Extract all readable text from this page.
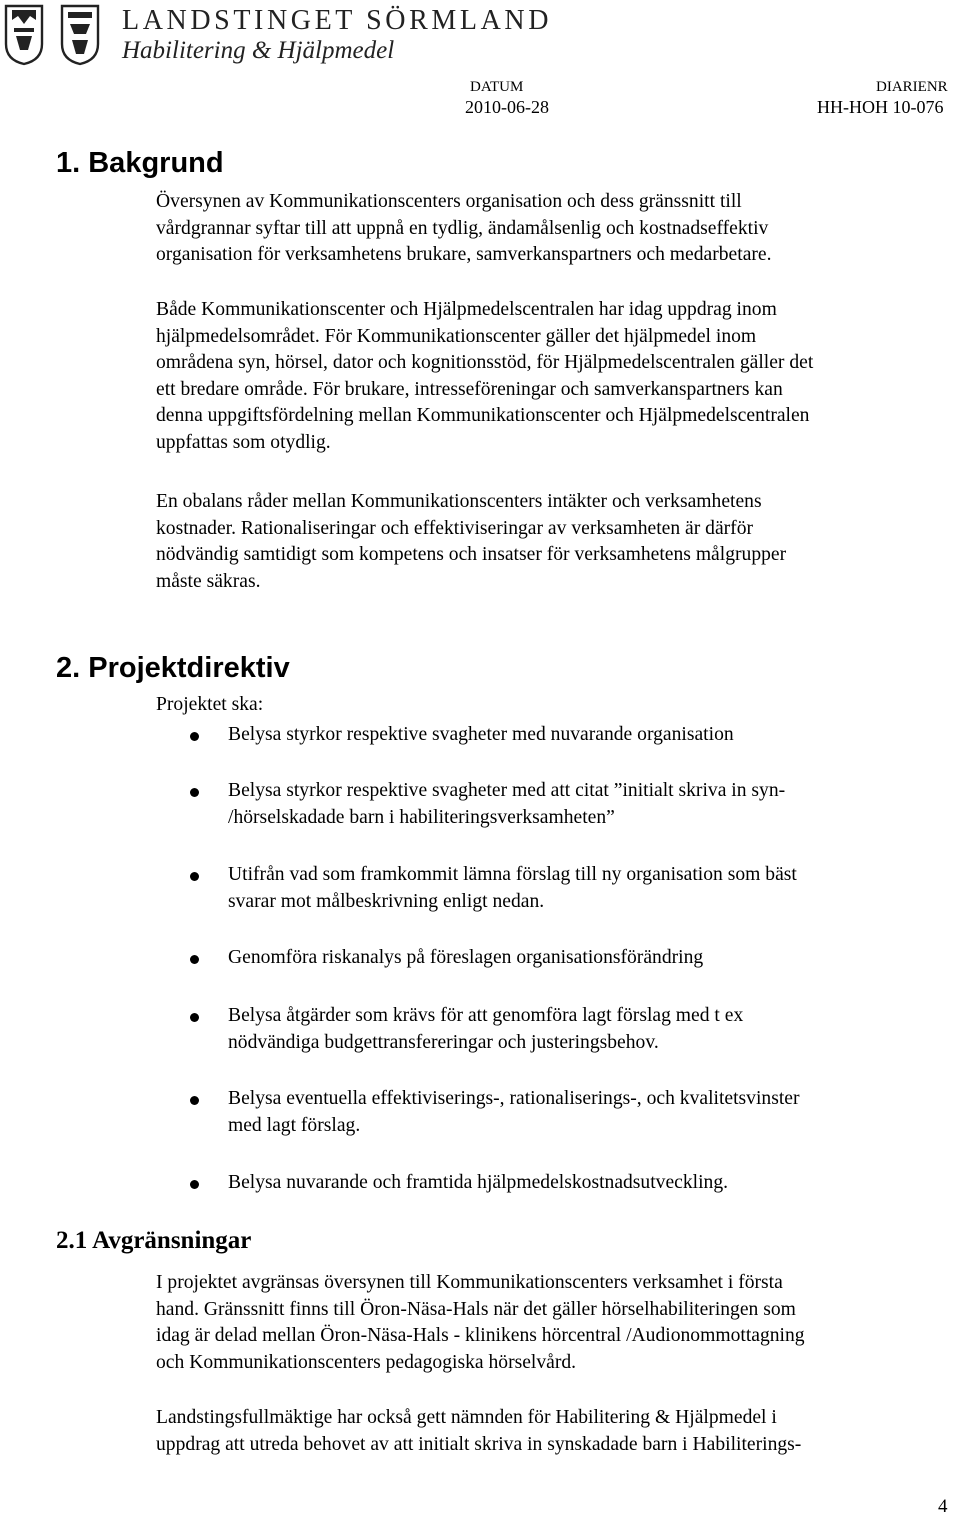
LANDSTINGET SÖRMLAND
Habilitering & Hjälpmedel
DATUM
2010-06-28
DIARIENR
HH-HOH 10-076
1. Bakgrund
Översynen av Kommunikationscenters organisation och dess gränssnitt till
vårdgrannar syftar till att uppnå en tydlig, ändamålsenlig och kostnadseffektiv
organisation för verksamhetens brukare, samverkanspartners och medarbetare.
Både Kommunikationscenter och Hjälpmedelscentralen har idag uppdrag inom
hjälpmedelsområdet. För Kommunikationscenter gäller det hjälpmedel inom
områdena syn, hörsel, dator och kognitionsstöd, för Hjälpmedelscentralen gäller det
ett bredare område. För brukare, intresseföreningar och samverkanspartners kan
denna uppgiftsfördelning mellan Kommunikationscenter och Hjälpmedelscentralen
uppfattas som otydlig.
En obalans råder mellan Kommunikationscenters intäkter och verksamhetens
kostnader. Rationaliseringar och effektiviseringar av verksamheten är därför
nödvändig samtidigt som kompetens och insatser för verksamhetens målgrupper
måste säkras.
2. Projektdirektiv
Projektet ska:
Belysa styrkor respektive svagheter med nuvarande organisation
Belysa styrkor respektive svagheter med att citat ”initialt skriva in syn-
/hörselskadade barn i habiliteringsverksamheten”
Utifrån vad som framkommit lämna förslag till ny organisation som bäst
svarar mot målbeskrivning enligt nedan.
Genomföra riskanalys på föreslagen organisationsförändring
Belysa åtgärder som krävs för att genomföra lagt förslag med t ex
nödvändiga budgettransfereringar och justeringsbehov.
Belysa eventuella effektiviserings-, rationaliserings-, och kvalitetsvinster
med lagt förslag.
Belysa nuvarande och framtida hjälpmedelskostnadsutveckling.
2.1 Avgränsningar
I projektet avgränsas översynen till Kommunikationscenters verksamhet i första
hand. Gränssnitt finns till Öron-Näsa-Hals när det gäller hörselhabiliteringen som
idag är delad mellan Öron-Näsa-Hals - klinikens hörcentral /Audionommottagning
och Kommunikationscenters pedagogiska hörselvård.
Landstingsfullmäktige har också gett nämnden för Habilitering & Hjälpmedel i
uppdrag att utreda behovet av att initialt skriva in synskadade barn i Habiliterings-
4
